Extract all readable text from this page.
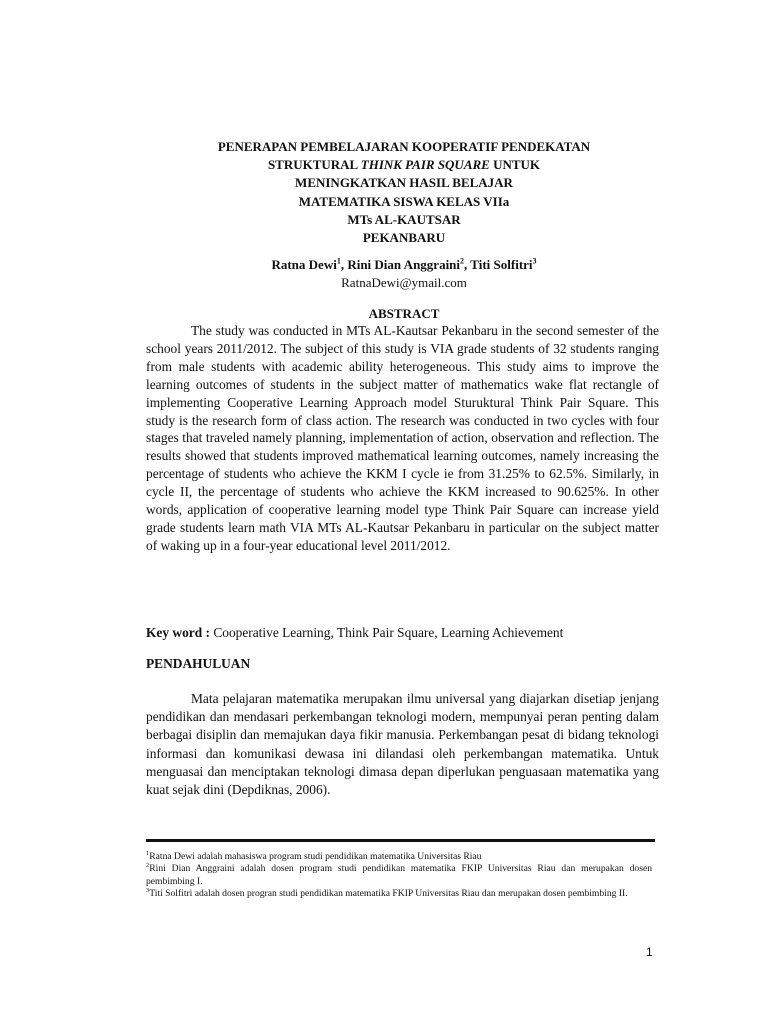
PENERAPAN PEMBELAJARAN KOOPERATIF PENDEKATAN
STRUKTURAL THINK PAIR SQUARE UNTUK
MENINGKATKAN HASIL BELAJAR
MATEMATIKA SISWA KELAS VIIa
MTs AL-KAUTSAR
PEKANBARU
Ratna Dewi$^1$, Rini Dian Anggraini$^2$, Titi Solfitri$^3$
RatnaDewi@ymail.com
ABSTRACT
The study was conducted in MTs AL-Kautsar Pekanbaru in the second semester of the school years 2011/2012. The subject of this study is VIA grade students of 32 students ranging from male students with academic ability heterogeneous. This study aims to improve the learning outcomes of students in the subject matter of mathematics wake flat rectangle of implementing Cooperative Learning Approach model Sturuktural Think Pair Square. This study is the research form of class action. The research was conducted in two cycles with four stages that traveled namely planning, implementation of action, observation and reflection. The results showed that students improved mathematical learning outcomes, namely increasing the percentage of students who achieve the KKM I cycle ie from 31.25% to 62.5%. Similarly, in cycle II, the percentage of students who achieve the KKM increased to 90.625%. In other words, application of cooperative learning model type Think Pair Square can increase yield grade students learn math VIA MTs AL-Kautsar Pekanbaru in particular on the subject matter of waking up in a four-year educational level 2011/2012.
Key word : Cooperative Learning, Think Pair Square, Learning Achievement
PENDAHULUAN
Mata pelajaran matematika merupakan ilmu universal yang diajarkan disetiap jenjang pendidikan dan mendasari perkembangan teknologi modern, mempunyai peran penting dalam berbagai disiplin dan memajukan daya fikir manusia. Perkembangan pesat di bidang teknologi informasi dan komunikasi dewasa ini dilandasi oleh perkembangan matematika. Untuk menguasai dan menciptakan teknologi dimasa depan diperlukan penguasaan matematika yang kuat sejak dini (Depdiknas, 2006).

$^1$Ratna Dewi adalah mahasiswa program studi pendidikan matematika Universitas Riau

$^2$Rini Dian Anggraini adalah dosen program studi pendidikan matematika FKIP Universitas Riau dan merupakan dosen pembimbing I.

$^3$Titi Solfitri adalah dosen progran studi pendidikan matematika FKIP Universitas Riau dan merupakan dosen pembimbing II.

1
